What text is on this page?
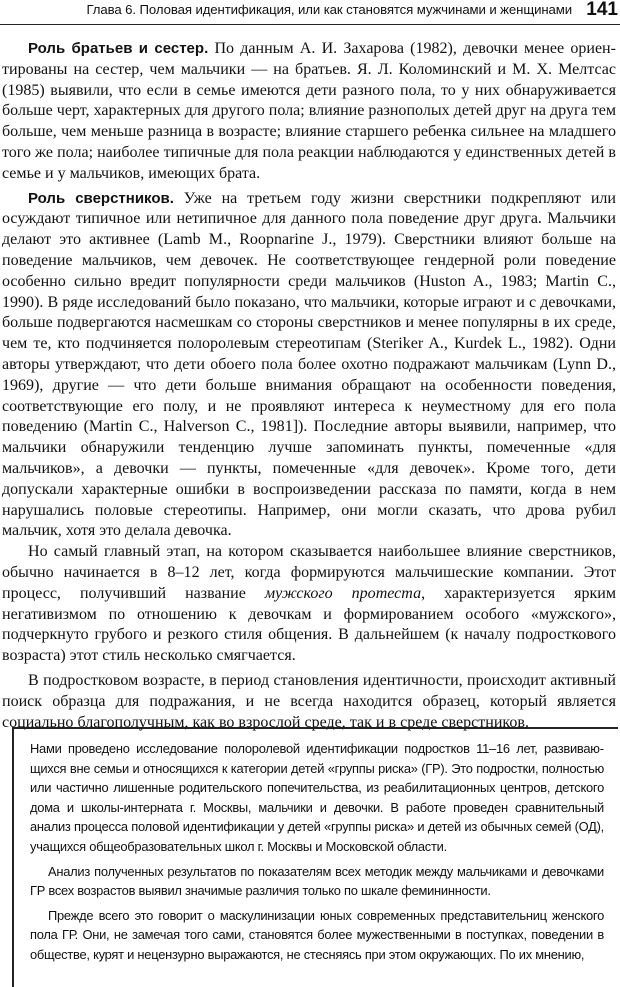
Глава 6. Половая идентификация, или как становятся мужчинами и женщинами 141

Роль братьев и сестер. По данным А. И. Захарова (1982), девочки менее ориентированы на сестер, чем мальчики — на братьев. Я. Л. Коломинский и М. Х. Мелтсас (1985) выявили, что если в семье имеются дети разного пола, то у них обнаруживается больше черт, характерных для другого пола; влияние разнополых детей друг на друга тем больше, чем меньше разница в возрасте; влияние старшего ребенка сильнее на младшего того же пола; наиболее типичные для пола реакции наблюдаются у единственных детей в семье и у мальчиков, имеющих брата.

Роль сверстников. Уже на третьем году жизни сверстники подкрепляют или осуждают типичное или нетипичное для данного пола поведение друг друга. Мальчики делают это активнее (Lamb M., Roopnarine J., 1979). Сверстники влияют больше на поведение мальчиков, чем девочек. Не соответствующее гендерной роли поведение особенно сильно вредит популярности среди мальчиков (Huston A., 1983; Martin C., 1990). В ряде исследований было показано, что мальчики, которые играют и с девочками, больше подвергаются насмешкам со стороны сверстников и менее популярны в их среде, чем те, кто подчиняется полоролевым стереотипам (Steriker A., Kurdek L., 1982). Одни авторы утверждают, что дети обоего пола более охотно подражают мальчикам (Lynn D., 1969), другие — что дети больше внимания обращают на особенности поведения, соответствующие его полу, и не проявляют интереса к неуместному для его пола поведению (Martin C., Halverson C., 1981]). Последние авторы выявили, например, что мальчики обнаружили тенденцию лучше запоминать пункты, помеченные «для мальчиков», а девочки — пункты, помеченные «для девочек». Кроме того, дети допускали характерные ошибки в воспроизведении рассказа по памяти, когда в нем нарушались половые стереотипы. Например, они могли сказать, что дрова рубил мальчик, хотя это делала девочка.

Но самый главный этап, на котором сказывается наибольшее влияние сверстников, обычно начинается в 8–12 лет, когда формируются мальчишеские компании. Этот процесс, получивший название мужского протеста, характеризуется ярким негативизмом по отношению к девочкам и формированием особого «мужского», подчеркнуто грубого и резкого стиля общения. В дальнейшем (к началу подросткового возраста) этот стиль несколько смягчается.

В подростковом возрасте, в период становления идентичности, происходит активный поиск образца для подражания, и не всегда находится образец, который является социально благополучным, как во взрослой среде, так и в среде сверстников.

Нами проведено исследование полоролевой идентификации подростков 11–16 лет, развивающихся вне семьи и относящихся к категории детей «группы риска» (ГР). Это подростки, полностью или частично лишенные родительского попечительства, из реабилитационных центров, детского дома и школы-интерната г. Москвы, мальчики и девочки. В работе проведен сравнительный анализ процесса половой идентификации у детей «группы риска» и детей из обычных семей (ОД), учащихся общеобразовательных школ г. Москвы и Московской области.

Анализ полученных результатов по показателям всех методик между мальчиками и девочками ГР всех возрастов выявил значимые различия только по шкале фемининности.

Прежде всего это говорит о маскулинизации юных современных представительниц женского пола ГР. Они, не замечая того сами, становятся более мужественными в поступках, поведении в обществе, курят и нецензурно выражаются, не стесняясь при этом окружающих. По их мнению,
